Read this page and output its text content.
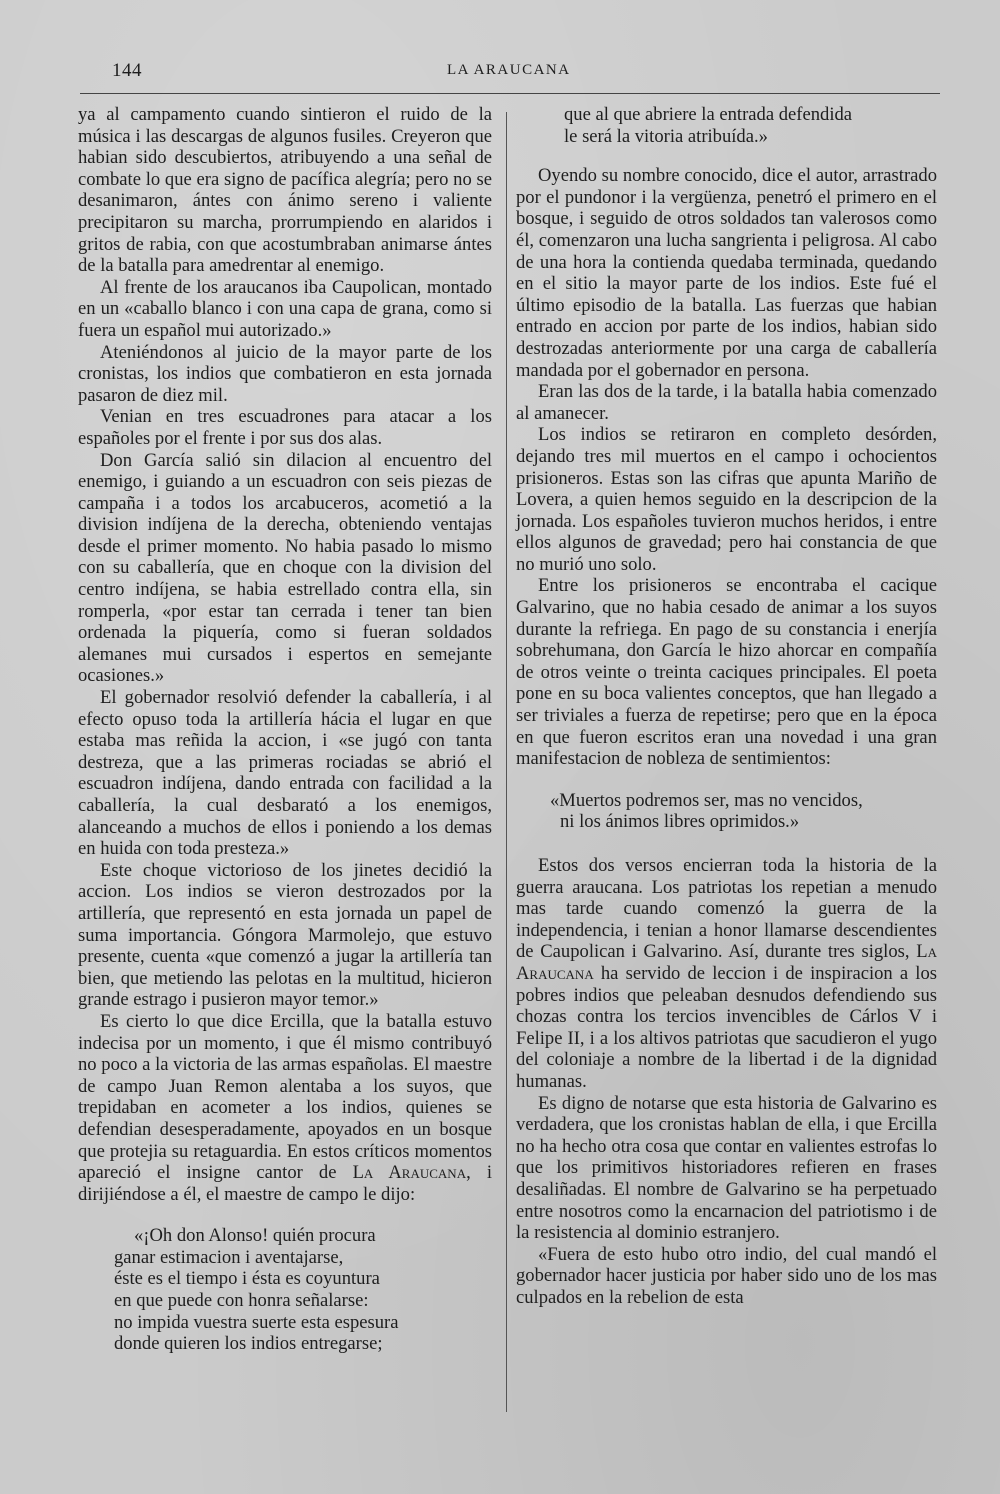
144	LA ARAUCANA

ya al campamento cuando sintieron el ruido de la música i las descargas de algunos fusiles. Creyeron que habian sido descubiertos, atribuyendo a una señal de combate lo que era signo de pacífica alegría; pero no se desanimaron, ántes con ánimo sereno i valiente precipitaron su marcha, prorrumpiendo en alaridos i gritos de rabia, con que acostumbraban animarse ántes de la batalla para amedrentar al enemigo.

Al frente de los araucanos iba Caupolican, montado en un «caballo blanco i con una capa de grana, como si fuera un español mui autorizado.»

Ateniéndonos al juicio de la mayor parte de los cronistas, los indios que combatieron en esta jornada pasaron de diez mil.

Venian en tres escuadrones para atacar a los españoles por el frente i por sus dos alas.

Don García salió sin dilacion al encuentro del enemigo, i guiando a un escuadron con seis piezas de campaña i a todos los arcabuceros, acometió a la division indíjena de la derecha, obteniendo ventajas desde el primer momento. No habia pasado lo mismo con su caballería, que en choque con la division del centro indíjena, se habia estrellado contra ella, sin romperla, «por estar tan cerrada i tener tan bien ordenada la piquería, como si fueran soldados alemanes mui cursados i espertos en semejante ocasiones.»

El gobernador resolvió defender la caballería, i al efecto opuso toda la artillería hácia el lugar en que estaba mas reñida la accion, i «se jugó con tanta destreza, que a las primeras rociadas se abrió el escuadron indíjena, dando entrada con facilidad a la caballería, la cual desbarató a los enemigos, alanceando a muchos de ellos i poniendo a los demas en huida con toda presteza.»

Este choque victorioso de los jinetes decidió la accion. Los indios se vieron destrozados por la artillería, que representó en esta jornada un papel de suma importancia. Góngora Marmolejo, que estuvo presente, cuenta «que comenzó a jugar la artillería tan bien, que metiendo las pelotas en la multitud, hicieron grande estrago i pusieron mayor temor.»

Es cierto lo que dice Ercilla, que la batalla estuvo indecisa por un momento, i que él mismo contribuyó no poco a la victoria de las armas españolas. El maestre de campo Juan Remon alentaba a los suyos, que trepidaban en acometer a los indios, quienes se defendian desesperadamente, apoyados en un bosque que protejia su retaguardia. En estos críticos momentos apareció el insigne cantor de La Araucana, i dirijiéndose a él, el maestre de campo le dijo:

«¡Oh don Alonso! quién procura
ganar estimacion i aventajarse,
éste es el tiempo i ésta es coyuntura
en que puede con honra señalarse:
no impida vuestra suerte esta espesura
donde quieren los indios entregarse;
que al que abriere la entrada defendida
le será la vitoria atribuída.»

Oyendo su nombre conocido, dice el autor, arrastrado por el pundonor i la vergüenza, penetró el primero en el bosque, i seguido de otros soldados tan valerosos como él, comenzaron una lucha sangrienta i peligrosa. Al cabo de una hora la contienda quedaba terminada, quedando en el sitio la mayor parte de los indios. Este fué el último episodio de la batalla. Las fuerzas que habian entrado en accion por parte de los indios, habian sido destrozadas anteriormente por una carga de caballería mandada por el gobernador en persona.

Eran las dos de la tarde, i la batalla habia comenzado al amanecer.

Los indios se retiraron en completo desórden, dejando tres mil muertos en el campo i ochocientos prisioneros. Estas son las cifras que apunta Mariño de Lovera, a quien hemos seguido en la descripcion de la jornada. Los españoles tuvieron muchos heridos, i entre ellos algunos de gravedad; pero hai constancia de que no murió uno solo.

Entre los prisioneros se encontraba el cacique Galvarino, que no habia cesado de animar a los suyos durante la refriega. En pago de su constancia i enerjía sobrehumana, don García le hizo ahorcar en compañía de otros veinte o treinta caciques principales. El poeta pone en su boca valientes conceptos, que han llegado a ser triviales a fuerza de repetirse; pero que en la época en que fueron escritos eran una novedad i una gran manifestacion de nobleza de sentimientos:

«Muertos podremos ser, mas no vencidos,
ni los ánimos libres oprimidos.»

Estos dos versos encierran toda la historia de la guerra araucana. Los patriotas los repetian a menudo mas tarde cuando comenzó la guerra de la independencia, i tenian a honor llamarse descendientes de Caupolican i Galvarino. Así, durante tres siglos, La Araucana ha servido de leccion i de inspiracion a los pobres indios que peleaban desnudos defendiendo sus chozas contra los tercios invencibles de Cárlos V i Felipe II, i a los altivos patriotas que sacudieron el yugo del coloniaje a nombre de la libertad i de la dignidad humanas.

Es digno de notarse que esta historia de Galvarino es verdadera, que los cronistas hablan de ella, i que Ercilla no ha hecho otra cosa que contar en valientes estrofas lo que los primitivos historiadores refieren en frases desaliñadas. El nombre de Galvarino se ha perpetuado entre nosotros como la encarnacion del patriotismo i de la resistencia al dominio estranjero.

«Fuera de esto hubo otro indio, del cual mandó el gobernador hacer justicia por haber sido uno de los mas culpados en la rebelion de esta
